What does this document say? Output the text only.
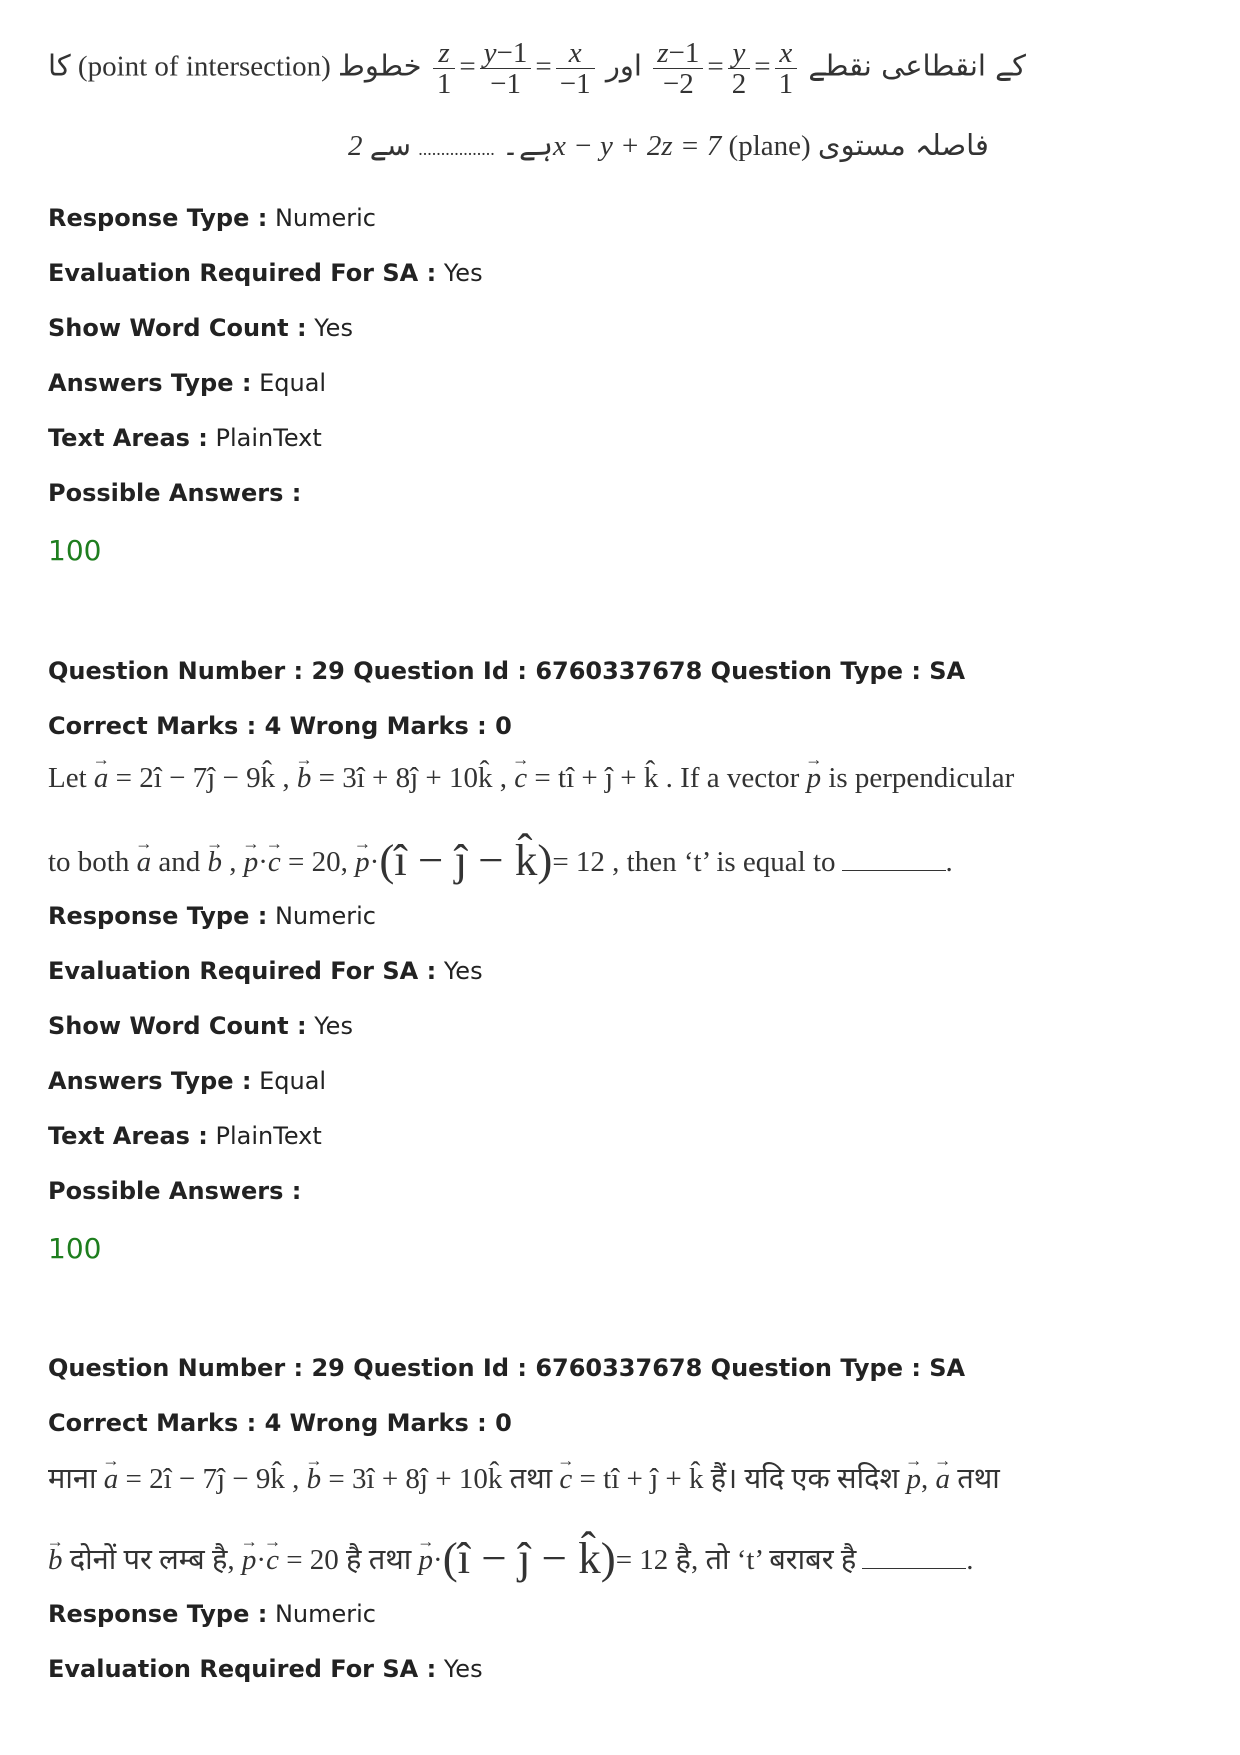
کا (point of intersection)	کے انقطاعی نقطے
$\frac{x}{1}$
=
$\frac{y}{2}$
=
$\frac{z-1}{-2}$
اور
$\frac{x}{-1}$
=
$\frac{y-1}{-1}$
=
$\frac{z}{1}$
خطوط
ہے۔ ................. سے 2x − y + 2z = 7 (plane) فاصلہ مستوی
Response Type : Numeric
Evaluation Required For SA : Yes
Show Word Count : Yes
Answers Type : Equal
Text Areas : PlainText
Possible Answers :
100
Question Number : 29 Question Id : 6760337678 Question Type : SA
Correct Marks : 4 Wrong Marks : 0
Let → a = 2î − 7ĵ − 9k̂ , → b = 3î + 8ĵ + 10k̂ , → c = tî + ĵ + k̂ . If a vector → p is perpendicular
to both → a and → b , → p·→ c = 20, → p·(î − ĵ − k̂)= 12 , then ‘t’ is equal to	.
Response Type : Numeric
Evaluation Required For SA : Yes
Show Word Count : Yes
Answers Type : Equal
Text Areas : PlainText
Possible Answers :
100
Question Number : 29 Question Id : 6760337678 Question Type : SA
Correct Marks : 4 Wrong Marks : 0
माना → a = 2î − 7ĵ − 9k̂ , → b = 3î + 8ĵ + 10k̂ तथा → c = tî + ĵ + k̂ हैं। यदि एक सदिश → p, → a तथा
→ b दोनों पर लम्ब है, → p·→ c = 20 है तथा → p·(î − ĵ − k̂)= 12 है, तो ‘t’ बराबर है	.
Response Type : Numeric
Evaluation Required For SA : Yes
